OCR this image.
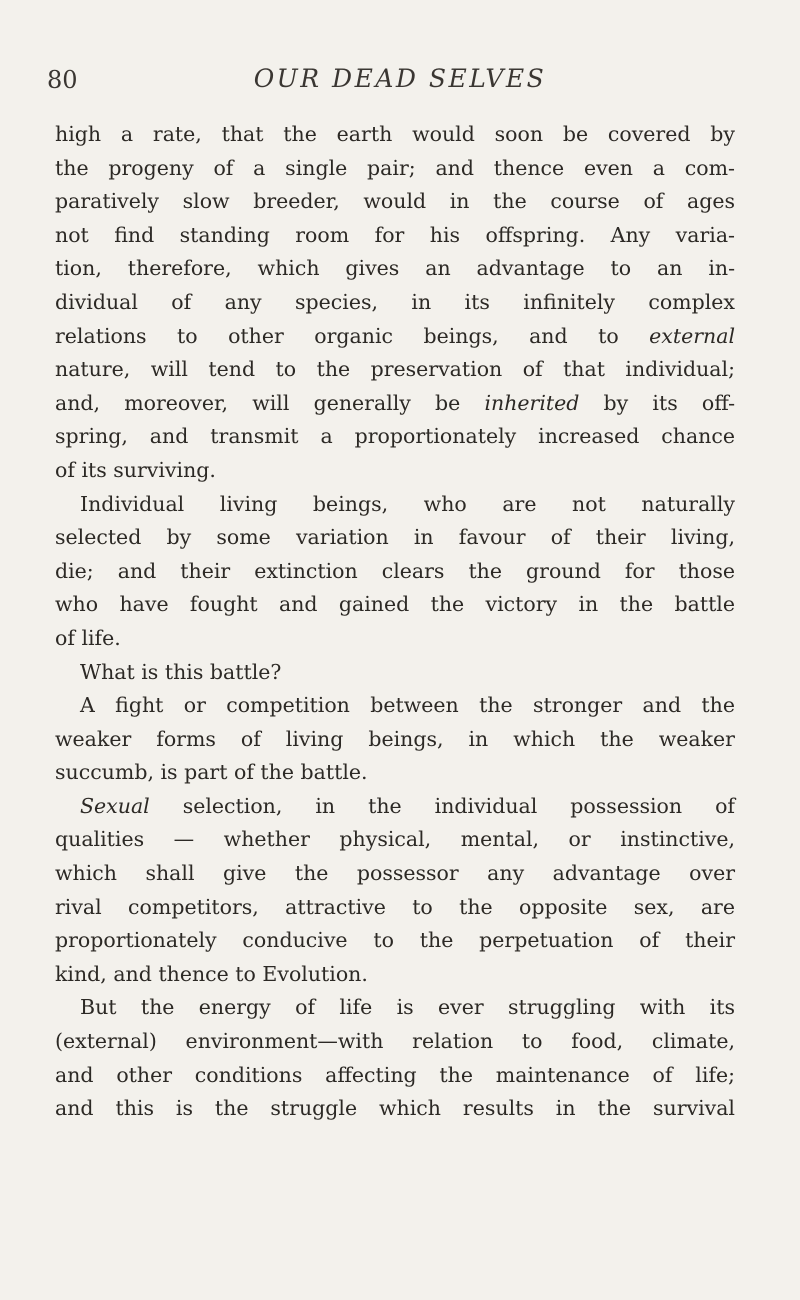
80	OUR DEAD SELVES
high a rate, that the earth would soon be covered by
the progeny of a single pair; and thence even a com-
paratively slow breeder, would in the course of ages
not find standing room for his offspring. Any varia-
tion, therefore, which gives an advantage to an in-
dividual of any species, in its infinitely complex
relations to other organic beings, and to external
nature, will tend to the preservation of that individual;
and, moreover, will generally be inherited by its off-
spring, and transmit a proportionately increased chance
of its surviving.
Individual living beings, who are not naturally
selected by some variation in favour of their living,
die; and their extinction clears the ground for those
who have fought and gained the victory in the battle
of life.
What is this battle?
A fight or competition between the stronger and the
weaker forms of living beings, in which the weaker
succumb, is part of the battle.
Sexual selection, in the individual possession of
qualities — whether physical, mental, or instinctive,
which shall give the possessor any advantage over
rival competitors, attractive to the opposite sex, are
proportionately conducive to the perpetuation of their
kind, and thence to Evolution.
But the energy of life is ever struggling with its
(external) environment—with relation to food, climate,
and other conditions affecting the maintenance of life;
and this is the struggle which results in the survival
